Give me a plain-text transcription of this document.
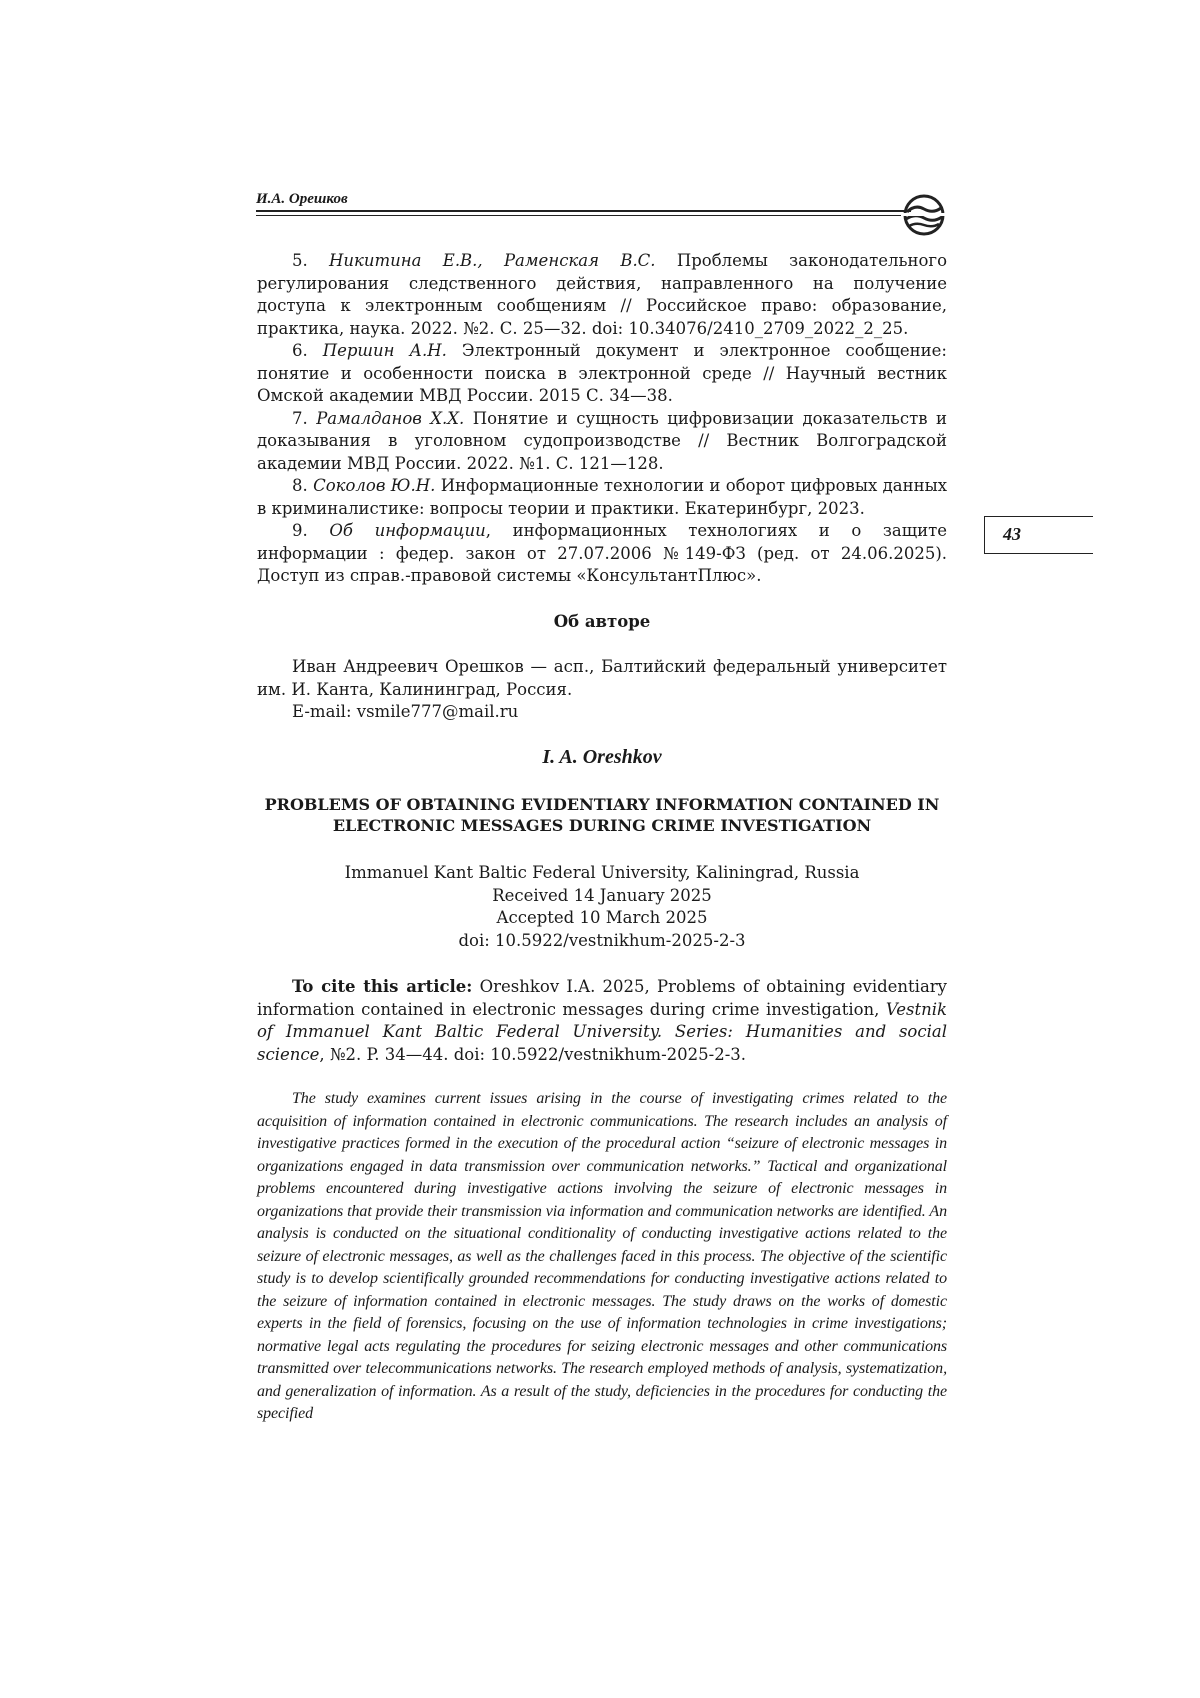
И.А. Орешков
43

5. Никитина Е.В., Раменская В.С. Проблемы законодательного регулирования следственного действия, направленного на получение доступа к электронным сообщениям // Российское право: образование, практика, наука. 2022. №2. С. 25—32. doi: 10.34076/2410_2709_2022_2_25.

6. Першин А.Н. Электронный документ и электронное сообщение: понятие и особенности поиска в электронной среде // Научный вестник Омской академии МВД России. 2015 С. 34—38.

7. Рамалданов Х.Х. Понятие и сущность цифровизации доказательств и доказывания в уголовном судопроизводстве // Вестник Волгоградской академии МВД России. 2022. №1. С. 121—128.

8. Соколов Ю.Н. Информационные технологии и оборот цифровых данных в криминалистике: вопросы теории и практики. Екатеринбург, 2023.

9. Об информации, информационных технологиях и о защите информации : федер. закон от 27.07.2006 №149-ФЗ (ред. от 24.06.2025). Доступ из справ.-правовой системы «КонсультантПлюс».

Об авторе

Иван Андреевич Орешков — асп., Балтийский федеральный университет им. И. Канта, Калининград, Россия.

E-mail: vsmile777@mail.ru

I. A. Oreshkov
PROBLEMS OF OBTAINING EVIDENTIARY INFORMATION CONTAINED IN ELECTRONIC MESSAGES DURING CRIME INVESTIGATION
Immanuel Kant Baltic Federal University, Kaliningrad, Russia
Received 14 January 2025
Accepted 10 March 2025
doi: 10.5922/vestnikhum-2025-2-3

To cite this article: Oreshkov I.A. 2025, Problems of obtaining evidentiary information contained in electronic messages during crime investigation, Vestnik of Immanuel Kant Baltic Federal University. Series: Humanities and social science, №2. P. 34—44. doi: 10.5922/vestnikhum-2025-2-3.

The study examines current issues arising in the course of investigating crimes related to the acquisition of information contained in electronic communications. The research includes an analysis of investigative practices formed in the execution of the procedural action “seizure of electronic messages in organizations engaged in data transmission over communication networks.” Tactical and organizational problems encountered during investigative actions involving the seizure of electronic messages in organizations that provide their transmission via information and communication networks are identified. An analysis is conducted on the situational conditionality of conducting investigative actions related to the seizure of electronic messages, as well as the challenges faced in this process. The objective of the scientific study is to develop scientifically grounded recommendations for conducting investigative actions related to the seizure of information contained in electronic messages. The study draws on the works of domestic experts in the field of forensics, focusing on the use of information technologies in crime investigations; normative legal acts regulating the procedures for seizing electronic messages and other communications transmitted over telecommunications networks. The research employed methods of analysis, systematization, and generalization of information. As a result of the study, deficiencies in the procedures for conducting the specified
